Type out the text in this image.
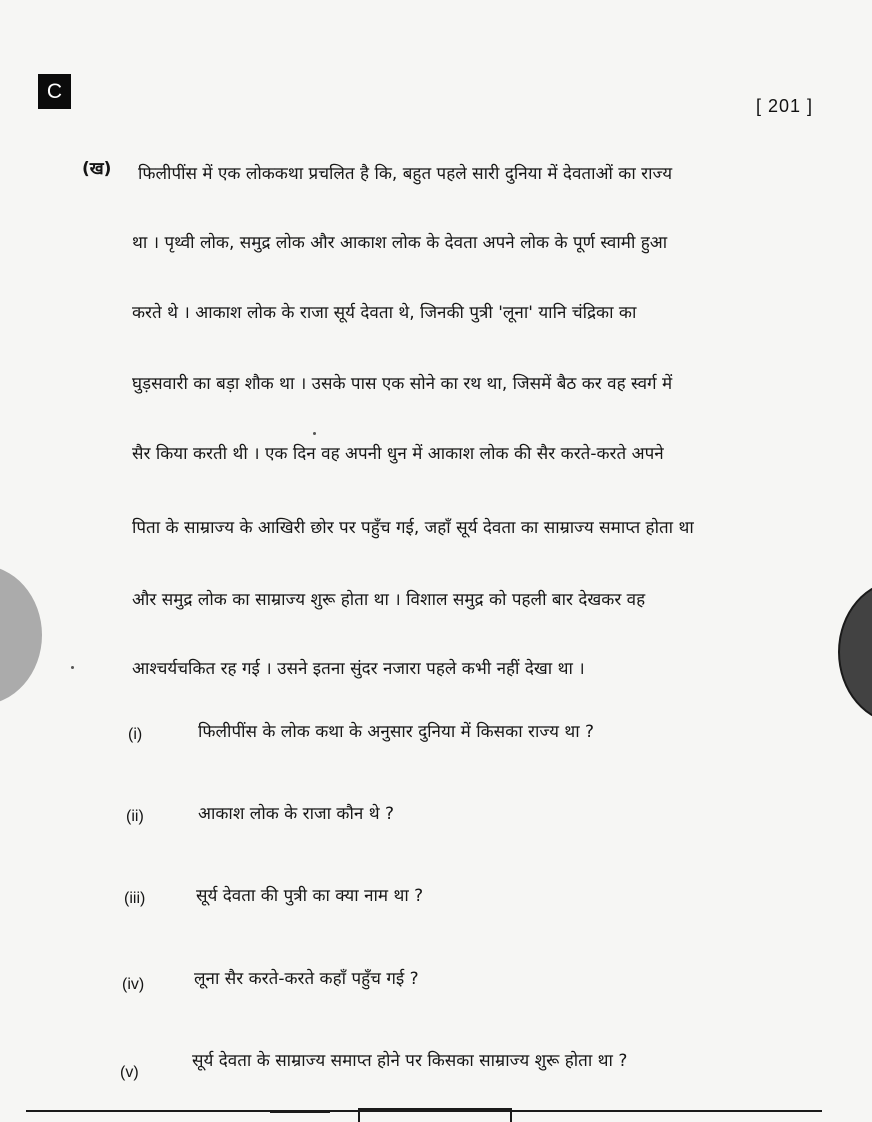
C
[ 201 ]
(ख) फिलीपींस में एक लोककथा प्रचलित है कि, बहुत पहले सारी दुनिया में देवताओं का राज्य
था । पृथ्वी लोक, समुद्र लोक और आकाश लोक के देवता अपने लोक के पूर्ण स्वामी हुआ
करते थे । आकाश लोक के राजा सूर्य देवता थे, जिनकी पुत्री 'लूना' यानि चंद्रिका का
घुड़सवारी का बड़ा शौक था । उसके पास एक सोने का रथ था, जिसमें बैठ कर वह स्वर्ग में
सैर किया करती थी । एक दिन वह अपनी धुन में आकाश लोक की सैर करते-करते अपने
पिता के साम्राज्य के आखिरी छोर पर पहुँच गई, जहाँ सूर्य देवता का साम्राज्य समाप्त होता था
और समुद्र लोक का साम्राज्य शुरू होता था । विशाल समुद्र को पहली बार देखकर वह
आश्चर्यचकित रह गई । उसने इतना सुंदर नजारा पहले कभी नहीं देखा था ।
(i)	फिलीपींस के लोक कथा के अनुसार दुनिया में किसका राज्य था ?
(ii)	आकाश लोक के राजा कौन थे ?
(iii)	सूर्य देवता की पुत्री का क्या नाम था ?
(iv)	लूना सैर करते-करते कहाँ पहुँच गई ?
(v)
सूर्य देवता के साम्राज्य समाप्त होने पर किसका साम्राज्य शुरू होता था ?
